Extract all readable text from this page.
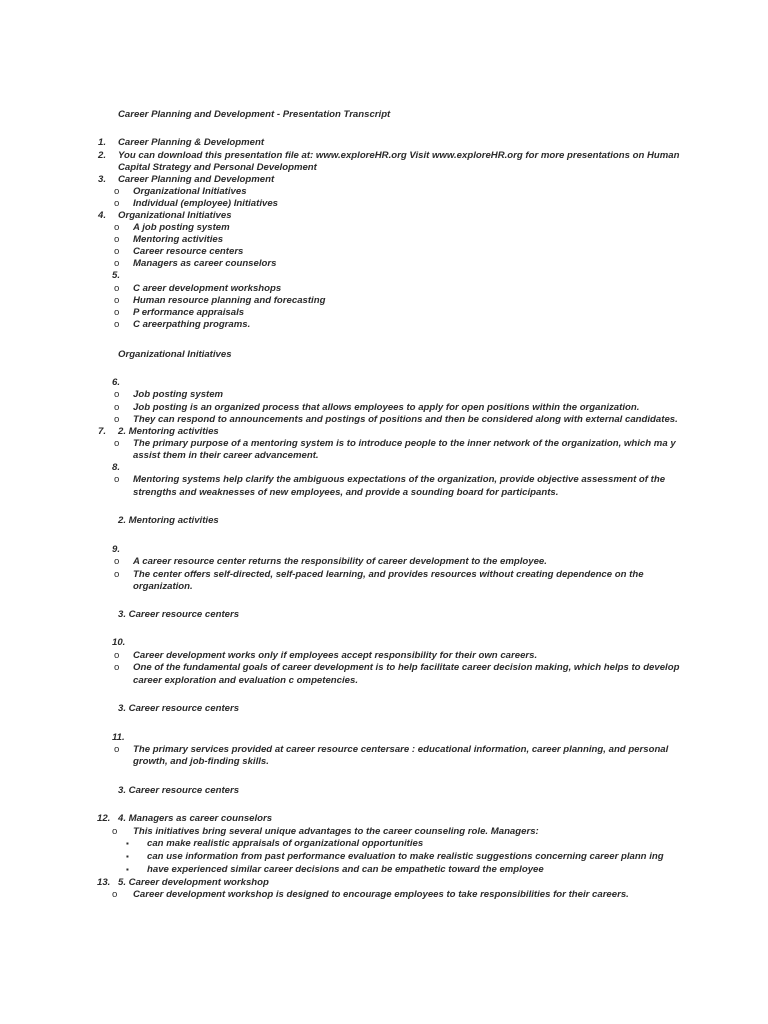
Career Planning and Development - Presentation Transcript
1. Career Planning & Development
2. You can download this presentation file at: www.exploreHR.org Visit www.exploreHR.org for more presentations on Human
Capital Strategy and Personal Development
3. Career Planning and Development
o Organizational Initiatives
o Individual (employee) Initiatives
4. Organizational Initiatives
o A job posting system
o Mentoring activities
o Career resource centers
o Managers as career counselors
5.
o C areer development workshops
o Human resource planning and forecasting
o P erformance appraisals
o C areerpathing programs.
Organizational Initiatives
6.
o Job posting system
o Job posting is an organized process that allows employees to apply for open positions within the organization.
o They can respond to announcements and postings of positions and then be considered along with external candidates.
7. 2. Mentoring activities
o The primary purpose of a mentoring system is to introduce people to the inner network of the organization, which ma y
assist them in their career advancement.
8.
o Mentoring systems help clarify the ambiguous expectations of the organization, provide objective assessment of the
strengths and weaknesses of new employees, and provide a sounding board for participants.
2. Mentoring activities
9.
o A career resource center returns the responsibility of career development to the employee.
o The center offers self-directed, self-paced learning, and provides resources without creating dependence on the
organization.
3. Career resource centers
10.
o Career development works only if employees accept responsibility for their own careers.
o One of the fundamental goals of career development is to help facilitate career decision making, which helps to develop
career exploration and evaluation c ompetencies.
3. Career resource centers
11.
o The primary services provided at career resource centersare : educational information, career planning, and personal
growth, and job-finding skills.
3. Career resource centers
12. 4. Managers as career counselors
o This initiatives bring several unique advantages to the career counseling role. Managers:
▪ can make realistic appraisals of organizational opportunities
▪ can use information from past performance evaluation to make realistic suggestions concerning career plann ing
▪ have experienced similar career decisions and can be empathetic toward the employee
13. 5. Career development workshop
o Career development workshop is designed to encourage employees to take responsibilities for their careers.
